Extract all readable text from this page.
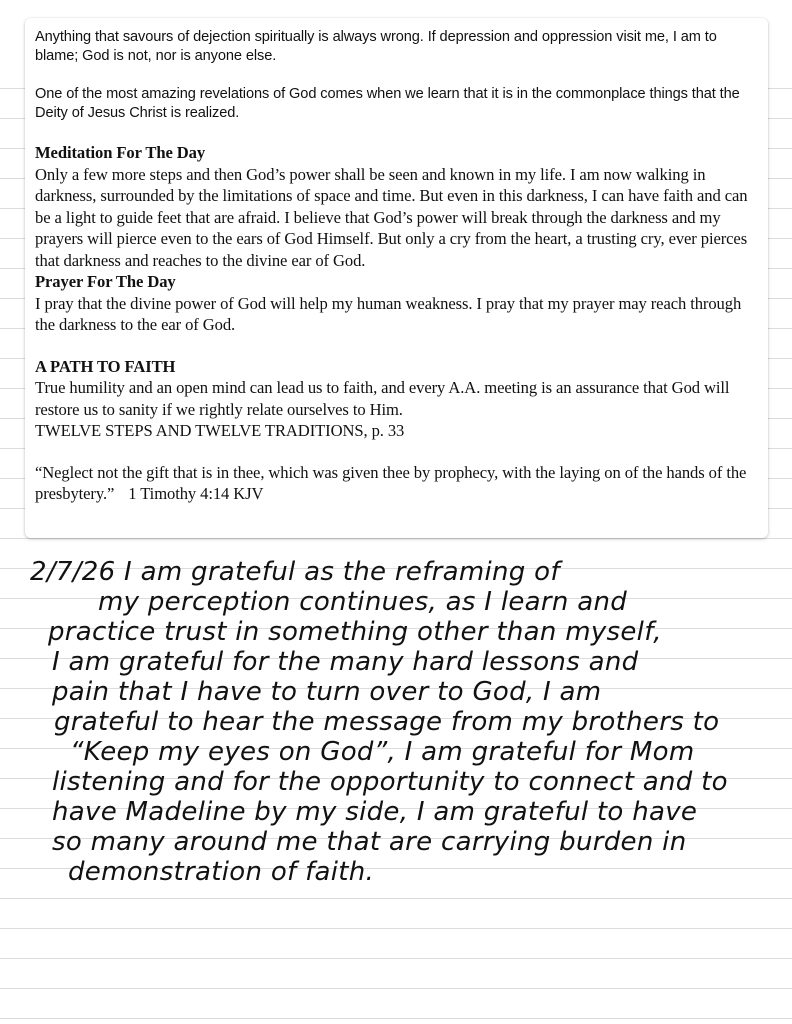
Anything that savours of dejection spiritually is always wrong. If depression and oppression visit me, I am to blame; God is not, nor is anyone else.

One of the most amazing revelations of God comes when we learn that it is in the commonplace things that the Deity of Jesus Christ is realized.

Meditation For The Day

Only a few more steps and then God’s power shall be seen and known in my life. I am now walking in darkness, surrounded by the limitations of space and time. But even in this darkness, I can have faith and can be a light to guide feet that are afraid. I believe that God’s power will break through the darkness and my prayers will pierce even to the ears of God Himself. But only a cry from the heart, a trusting cry, ever pierces that darkness and reaches to the divine ear of God.

Prayer For The Day

I pray that the divine power of God will help my human weakness. I pray that my prayer may reach through the darkness to the ear of God.

A PATH TO FAITH

True humility and an open mind can lead us to faith, and every A.A. meeting is an assurance that God will restore us to sanity if we rightly relate ourselves to Him.

TWELVE STEPS AND TWELVE TRADITIONS, p. 33

“Neglect not the gift that is in thee, which was given thee by prophecy, with the laying on of the hands of the presbytery.” 1 Timothy 4:14 KJV

2/7/26 I am grateful as the reframing of
my perception continues, as I learn and
practice trust in something other than myself,
I am grateful for the many hard lessons and
pain that I have to turn over to God, I am
grateful to hear the message from my brothers to
“Keep my eyes on God”, I am grateful for Mom
listening and for the opportunity to connect and to
have Madeline by my side, I am grateful to have
so many around me that are carrying burden in
demonstration of faith.
